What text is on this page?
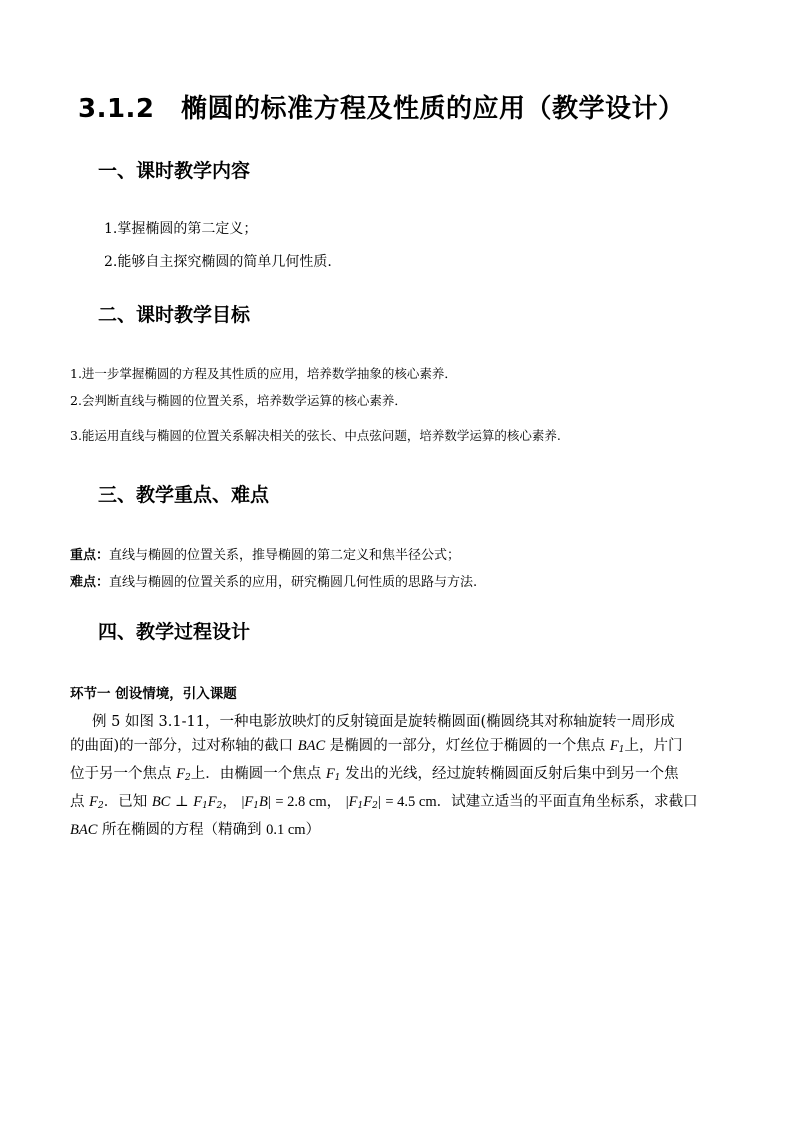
3.1.2　椭圆的标准方程及性质的应用（教学设计）
一、课时教学内容
1.掌握椭圆的第二定义；
2.能够自主探究椭圆的简单几何性质.
二、课时教学目标
1.进一步掌握椭圆的方程及其性质的应用，培养数学抽象的核心素养．
2.会判断直线与椭圆的位置关系，培养数学运算的核心素养．
3.能运用直线与椭圆的位置关系解决相关的弦长、中点弦问题，培养数学运算的核心素养.
三、教学重点、难点
重点：直线与椭圆的位置关系，推导椭圆的第二定义和焦半径公式；
难点：直线与椭圆的位置关系的应用，研究椭圆几何性质的思路与方法.
四、教学过程设计
环节一 创设情境，引入课题

例 5 如图 3.1-11，一种电影放映灯的反射镜面是旋转椭圆面(椭圆绕其对称轴旋转一周形成

的曲面)的一部分，过对称轴的截口 BAC 是椭圆的一部分，灯丝位于椭圆的一个焦点 $F_1$上，片门

位于另一个焦点 $F_2$上．由椭圆一个焦点 $F_1$ 发出的光线，经过旋转椭圆面反射后集中到另一个焦

点 $F_2$．已知 BC ⊥ $F_1F_2$， $|F_1B| = 2.8$ cm， $|F_1F_2| = 4.5$ cm．试建立适当的平面直角坐标系，求截口

BAC 所在椭圆的方程（精确到 0.1 cm）
